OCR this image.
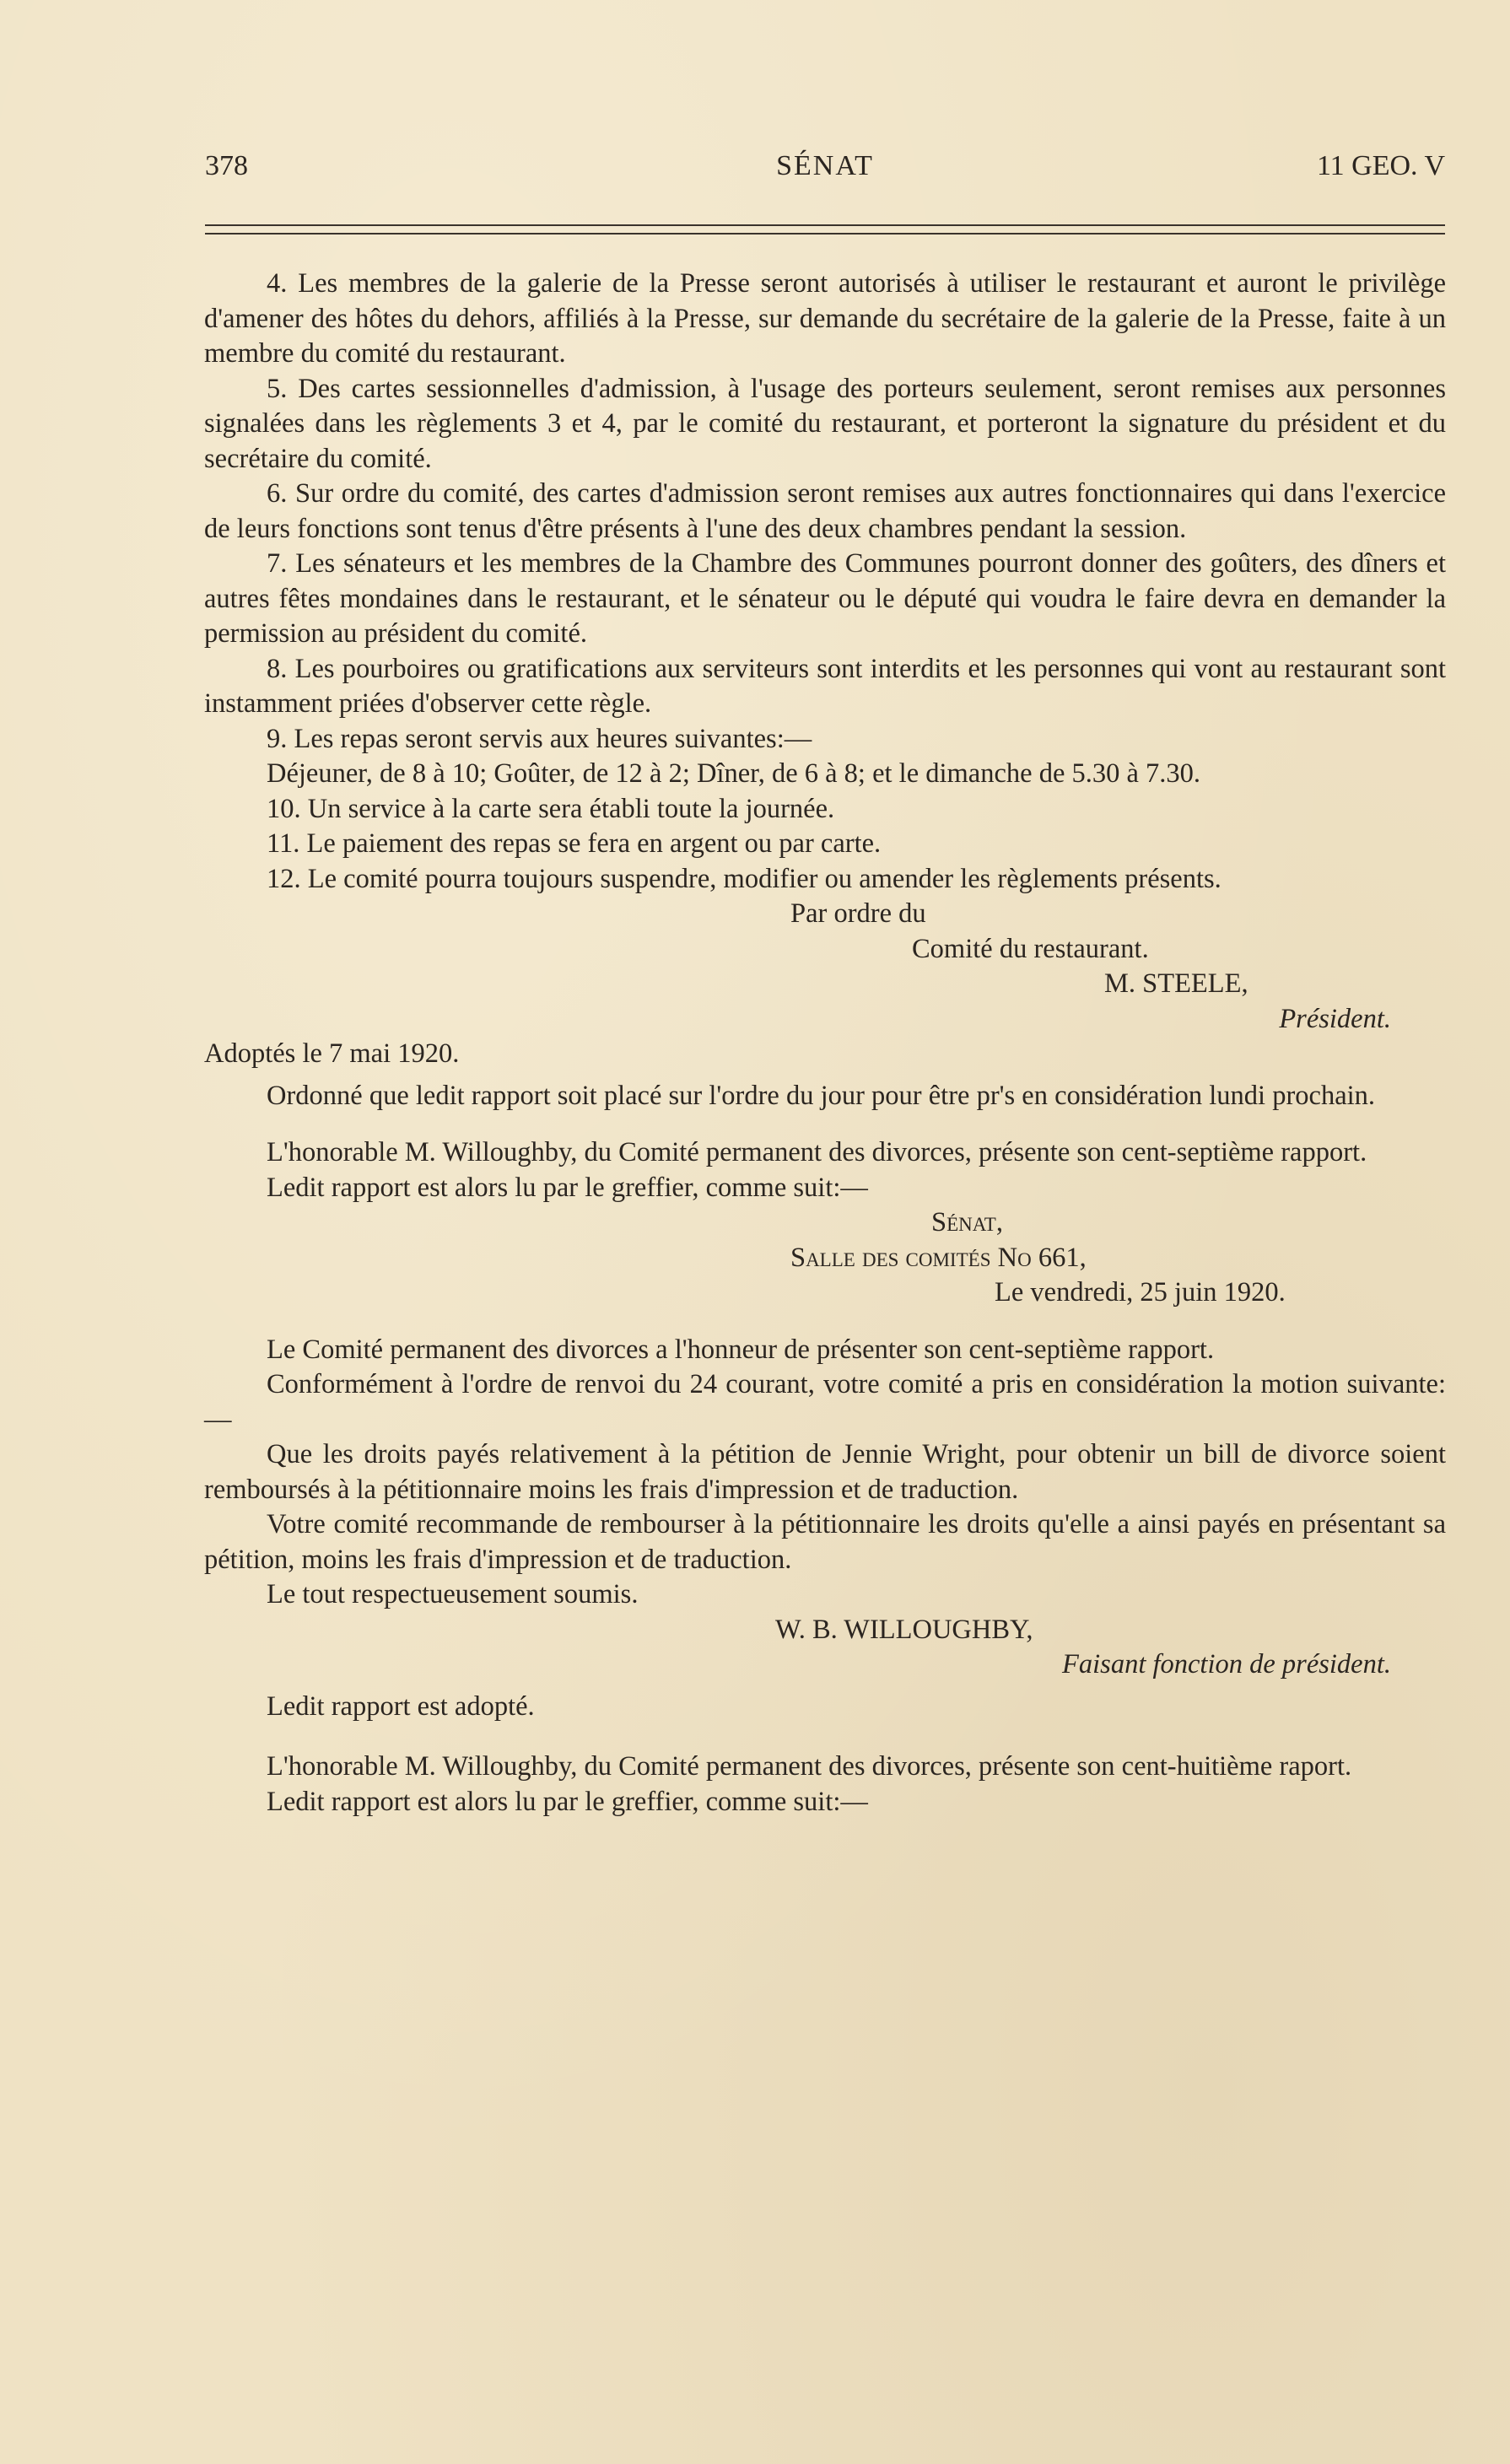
378	SÉNAT	11 GEO. V

4. Les membres de la galerie de la Presse seront autorisés à utiliser le restaurant et auront le privilège d'amener des hôtes du dehors, affiliés à la Presse, sur demande du secrétaire de la galerie de la Presse, faite à un membre du comité du restaurant.

5. Des cartes sessionnelles d'admission, à l'usage des porteurs seulement, seront remises aux personnes signalées dans les règlements 3 et 4, par le comité du restaurant, et porteront la signature du président et du secrétaire du comité.

6. Sur ordre du comité, des cartes d'admission seront remises aux autres fonctionnaires qui dans l'exercice de leurs fonctions sont tenus d'être présents à l'une des deux chambres pendant la session.

7. Les sénateurs et les membres de la Chambre des Communes pourront donner des goûters, des dîners et autres fêtes mondaines dans le restaurant, et le sénateur ou le député qui voudra le faire devra en demander la permission au président du comité.

8. Les pourboires ou gratifications aux serviteurs sont interdits et les personnes qui vont au restaurant sont instamment priées d'observer cette règle.

9. Les repas seront servis aux heures suivantes:—

Déjeuner, de 8 à 10; Goûter, de 12 à 2; Dîner, de 6 à 8; et le dimanche de 5.30 à 7.30.

10. Un service à la carte sera établi toute la journée.

11. Le paiement des repas se fera en argent ou par carte.

12. Le comité pourra toujours suspendre, modifier ou amender les règlements présents.

Par ordre du

Comité du restaurant.

M. STEELE,

Président.

Adoptés le 7 mai 1920.

Ordonné que ledit rapport soit placé sur l'ordre du jour pour être pr's en considération lundi prochain.

L'honorable M. Willoughby, du Comité permanent des divorces, présente son cent-septième rapport.

Ledit rapport est alors lu par le greffier, comme suit:—

Sénat,

Salle des comités No 661,

Le vendredi, 25 juin 1920.

Le Comité permanent des divorces a l'honneur de présenter son cent-septième rapport.

Conformément à l'ordre de renvoi du 24 courant, votre comité a pris en considération la motion suivante:—

Que les droits payés relativement à la pétition de Jennie Wright, pour obtenir un bill de divorce soient remboursés à la pétitionnaire moins les frais d'impression et de traduction.

Votre comité recommande de rembourser à la pétitionnaire les droits qu'elle a ainsi payés en présentant sa pétition, moins les frais d'impression et de traduction.

Le tout respectueusement soumis.

W. B. WILLOUGHBY,

Faisant fonction de président.

Ledit rapport est adopté.

L'honorable M. Willoughby, du Comité permanent des divorces, présente son cent-huitième raport.

Ledit rapport est alors lu par le greffier, comme suit:—
